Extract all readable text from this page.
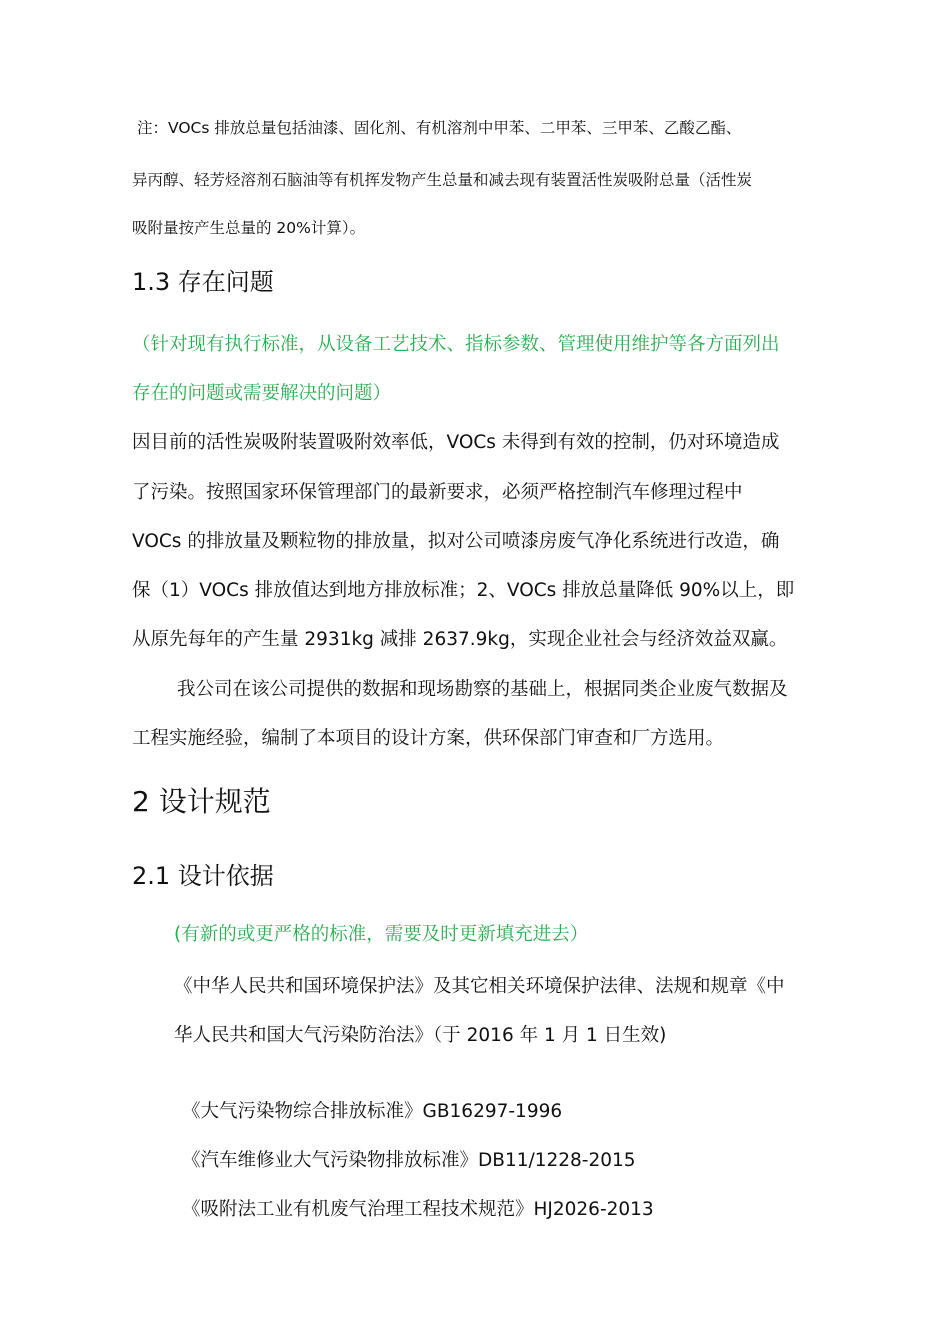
注：VOCs 排放总量包括油漆、固化剂、有机溶剂中甲苯、二甲苯、三甲苯、乙酸乙酯、
异丙醇、轻芳烃溶剂石脑油等有机挥发物产生总量和减去现有装置活性炭吸附总量（活性炭
吸附量按产生总量的 20%计算）。
1.3 存在问题
（针对现有执行标准，从设备工艺技术、指标参数、管理使用维护等各方面列出
存在的问题或需要解决的问题）
因目前的活性炭吸附装置吸附效率低，VOCs 未得到有效的控制，仍对环境造成
了污染。按照国家环保管理部门的最新要求，必须严格控制汽车修理过程中
VOCs 的排放量及颗粒物的排放量，拟对公司喷漆房废气净化系统进行改造，确
保（1）VOCs 排放值达到地方排放标准；2、VOCs 排放总量降低 90%以上，即
从原先每年的产生量 2931kg 减排 2637.9kg，实现企业社会与经济效益双赢。
我公司在该公司提供的数据和现场勘察的基础上，根据同类企业废气数据及
工程实施经验，编制了本项目的设计方案，供环保部门审查和厂方选用。
2 设计规范
2.1 设计依据
(有新的或更严格的标准，需要及时更新填充进去）
《中华人民共和国环境保护法》及其它相关环境保护法律、法规和规章《中
华人民共和国大气污染防治法》（于 2016 年 1 月 1 日生效)
《大气污染物综合排放标准》GB16297-1996
《汽车维修业大气污染物排放标准》DB11/1228-2015
《吸附法工业有机废气治理工程技术规范》HJ2026-2013
